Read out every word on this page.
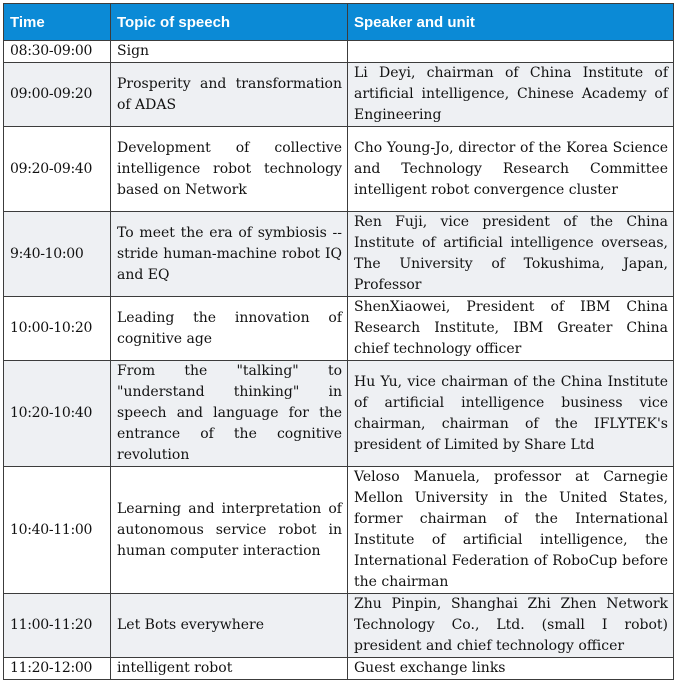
Time	Topic of speech	Speaker and unit
08:30-09:00	Sign	
09:00-09:20	Prosperity and transformation of ADAS	Li Deyi, chairman of China Institute of artificial intelligence, Chinese Academy of Engineering
09:20-09:40	Development of collective intelligence robot technology based on Network	Cho Young-Jo, director of the Korea Science and Technology Research Committee intelligent robot convergence cluster
9:40-10:00	To meet the era of symbiosis -- stride human-machine robot IQ and EQ	Ren Fuji, vice president of the China Institute of artificial intelligence overseas, The University of Tokushima, Japan, Professor
10:00-10:20	Leading the innovation of cognitive age	ShenXiaowei, President of IBM China Research Institute, IBM Greater China chief technology officer
10:20-10:40	From the "talking" to "understand thinking" in speech and language for the entrance of the cognitive revolution	Hu Yu, vice chairman of the China Institute of artificial intelligence business vice chairman, chairman of the IFLYTEK's president of Limited by Share Ltd
10:40-11:00	Learning and interpretation of autonomous service robot in human computer interaction	Veloso Manuela, professor at Carnegie Mellon University in the United States, former chairman of the International Institute of artificial intelligence, the International Federation of RoboCup before the chairman
11:00-11:20	Let Bots everywhere	Zhu Pinpin, Shanghai Zhi Zhen Network Technology Co., Ltd. (small I robot) president and chief technology officer
11:20-12:00	intelligent robot	Guest exchange links
